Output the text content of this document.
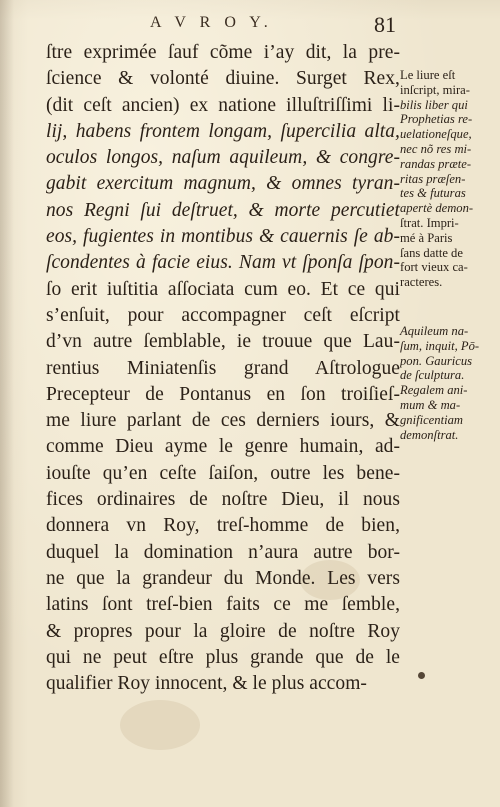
A V R O Y.	81
ſtre exprimée ſauf cõme i’ay dit, la pre-
ſcience & volonté diuine. Surget Rex,
(dit ceſt ancien) ex natione illuſtriſſimi li-
lij, habens frontem longam, ſupercilia alta,
oculos longos, naſum aquileum, & congre-
gabit exercitum magnum, & omnes tyran-
nos Regni ſui deſtruet, & morte percutiet
eos, fugientes in montibus & cauernis ſe ab-
ſcondentes à facie eius. Nam vt ſponſa ſpon-
ſo erit iuſtitia aſſociata cum eo. Et ce qui
s’enſuit, pour accompagner ceſt eſcript
d’vn autre ſemblable, ie trouue que Lau-
rentius Miniatenſis grand Aſtrologue
Precepteur de Pontanus en ſon troiſieſ-
me liure parlant de ces derniers iours, &
comme Dieu ayme le genre humain, ad-
iouſte qu’en ceſte ſaiſon, outre les bene-
fices ordinaires de noſtre Dieu, il nous
donnera vn Roy, treſ-homme de bien,
duquel la domination n’aura autre bor-
ne que la grandeur du Monde. Les vers
latins ſont treſ-bien faits ce me ſemble,
& propres pour la gloire de noſtre Roy
qui ne peut eſtre plus grande que de le
qualifier Roy innocent, & le plus accom-
Le liure eſt
inſcript, mira-
bilis liber qui
Prophetias re-
uelationeſque,
nec nõ res mi-
randas præte-
ritas præſen-
tes & futuras
apertè demon-
ſtrat. Impri-
mé à Paris
ſans datte de
fort vieux ca-
racteres.
Aquileum na-
ſum, inquit, Pō-
pon. Gauricus
de ſculptura.
Regalem ani-
mum & ma-
gnificentiam
demonſtrat.
